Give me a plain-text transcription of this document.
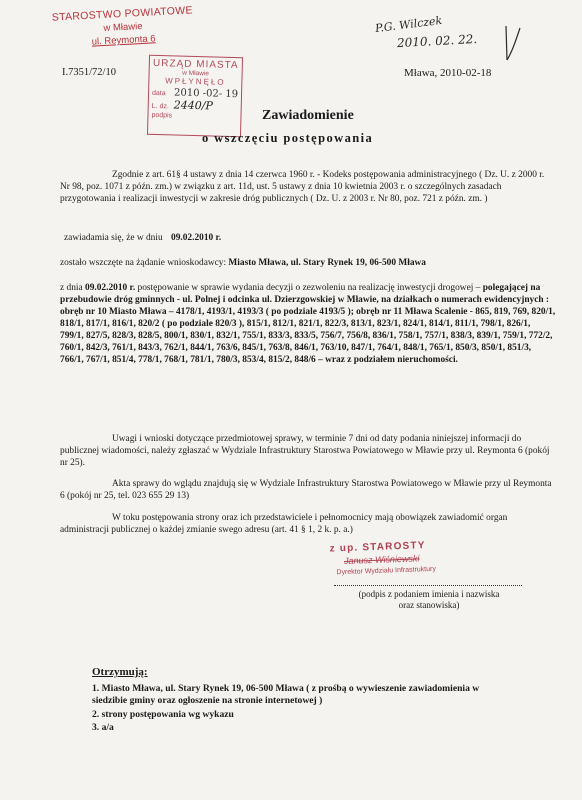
STAROSTWO POWIATOWE
w Mławie
ul. Reymonta 6
I.7351/72/10
URZĄD MIASTA
w Mławie
WPŁYNĘŁO
data 2010 -02- 19
L. dz. 2440/P
podpis
P.G. Wilczek
2010. 02. 22.
Mława, 2010-02-18
Zawiadomienie
o wszczęciu postępowania
Zgodnie z art. 61§ 4 ustawy z dnia 14 czerwca 1960 r. - Kodeks postępowania administracyjnego ( Dz. U. z 2000 r. Nr 98, poz. 1071 z późn. zm.) w związku z art. 11d, ust. 5 ustawy z dnia 10 kwietnia 2003 r. o szczególnych zasadach przygotowania i realizacji inwestycji w zakresie dróg publicznych ( Dz. U. z 2003 r. Nr 80, poz. 721 z późn. zm. )
zawiadamia się, że w dniu 09.02.2010 r.
zostało wszczęte na żądanie wnioskodawcy: Miasto Mława, ul. Stary Rynek 19, 06-500 Mława
z dnia 09.02.2010 r. postępowanie w sprawie wydania decyzji o zezwoleniu na realizację inwestycji drogowej – polegającej na przebudowie dróg gminnych - ul. Polnej i odcinka ul. Dzierzgowskiej w Mławie, na działkach o numerach ewidencyjnych : obręb nr 10 Miasto Mława – 4178/1, 4193/1, 4193/3 ( po podziale 4193/5 ); obręb nr 11 Mława Scalenie - 865, 819, 769, 820/1, 818/1, 817/1, 816/1, 820/2 ( po podziale 820/3 ), 815/1, 812/1, 821/1, 822/3, 813/1, 823/1, 824/1, 814/1, 811/1, 798/1, 826/1, 799/1, 827/5, 828/3, 828/5, 800/1, 830/1, 832/1, 755/1, 833/3, 833/5, 756/7, 756/8, 836/1, 758/1, 757/1, 838/3, 839/1, 759/1, 772/2, 760/1, 842/3, 761/1, 843/3, 762/1, 844/1, 763/6, 845/1, 763/8, 846/1, 763/10, 847/1, 764/1, 848/1, 765/1, 850/3, 850/1, 851/3, 766/1, 767/1, 851/4, 778/1, 768/1, 781/1, 780/3, 853/4, 815/2, 848/6 – wraz z podziałem nieruchomości.
Uwagi i wnioski dotyczące przedmiotowej sprawy, w terminie 7 dni od daty podania niniejszej informacji do publicznej wiadomości, należy zgłaszać w Wydziale Infrastruktury Starostwa Powiatowego w Mławie przy ul. Reymonta 6 (pokój nr 25).
Akta sprawy do wglądu znajdują się w Wydziale Infrastruktury Starostwa Powiatowego w Mławie przy ul Reymonta 6 (pokój nr 25, tel. 023 655 29 13)
W toku postępowania strony oraz ich przedstawiciele i pełnomocnicy mają obowiązek zawiadomić organ administracji publicznej o każdej zmianie swego adresu (art. 41 § 1, 2 k. p. a.)
z up. STAROSTY
Janusz Wiśniewski
Dyrektor Wydziału Infrastruktury
(podpis z podaniem imienia i nazwiska
oraz stanowiska)
Otrzymują:
1. Miasto Mława, ul. Stary Rynek 19, 06-500 Mława ( z prośbą o wywieszenie zawiadomienia w siedzibie gminy oraz ogłoszenie na stronie internetowej )
2. strony postępowania wg wykazu
3. a/a
